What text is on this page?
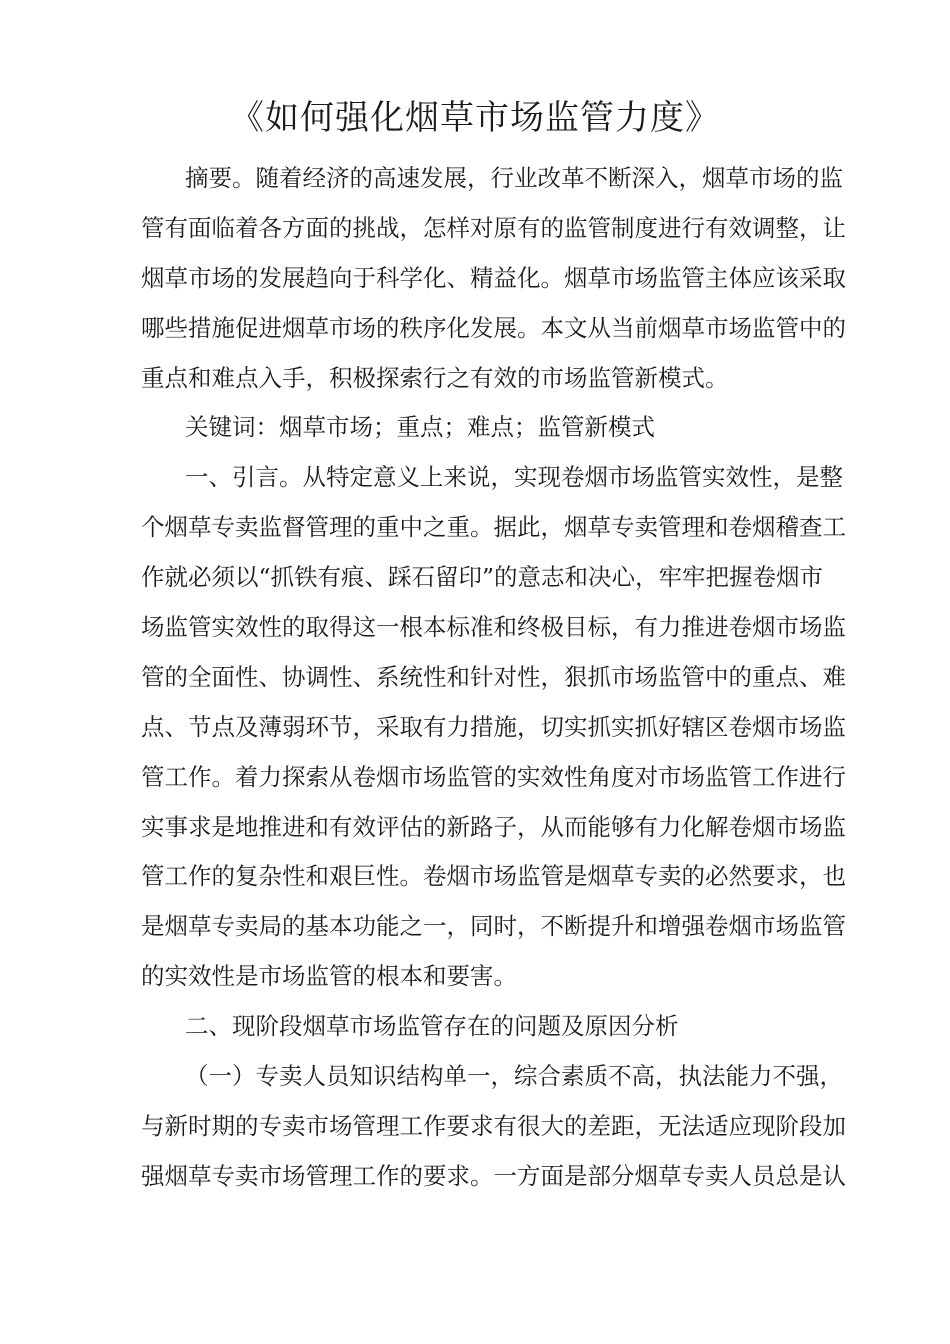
《如何强化烟草市场监管力度》
摘要。随着经济的高速发展，行业改革不断深入，烟草市场的监
管有面临着各方面的挑战，怎样对原有的监管制度进行有效调整，让
烟草市场的发展趋向于科学化、精益化。烟草市场监管主体应该采取
哪些措施促进烟草市场的秩序化发展。本文从当前烟草市场监管中的
重点和难点入手，积极探索行之有效的市场监管新模式。
关键词：烟草市场；重点；难点；监管新模式
一、引言。从特定意义上来说，实现卷烟市场监管实效性，是整
个烟草专卖监督管理的重中之重。据此，烟草专卖管理和卷烟稽查工
作就必须以“抓铁有痕、踩石留印”的意志和决心，牢牢把握卷烟市
场监管实效性的取得这一根本标准和终极目标，有力推进卷烟市场监
管的全面性、协调性、系统性和针对性，狠抓市场监管中的重点、难
点、节点及薄弱环节，采取有力措施，切实抓实抓好辖区卷烟市场监
管工作。着力探索从卷烟市场监管的实效性角度对市场监管工作进行
实事求是地推进和有效评估的新路子，从而能够有力化解卷烟市场监
管工作的复杂性和艰巨性。卷烟市场监管是烟草专卖的必然要求，也
是烟草专卖局的基本功能之一，同时，不断提升和增强卷烟市场监管
的实效性是市场监管的根本和要害。
二、现阶段烟草市场监管存在的问题及原因分析
（一）专卖人员知识结构单一，综合素质不高，执法能力不强，
与新时期的专卖市场管理工作要求有很大的差距，无法适应现阶段加
强烟草专卖市场管理工作的要求。一方面是部分烟草专卖人员总是认
